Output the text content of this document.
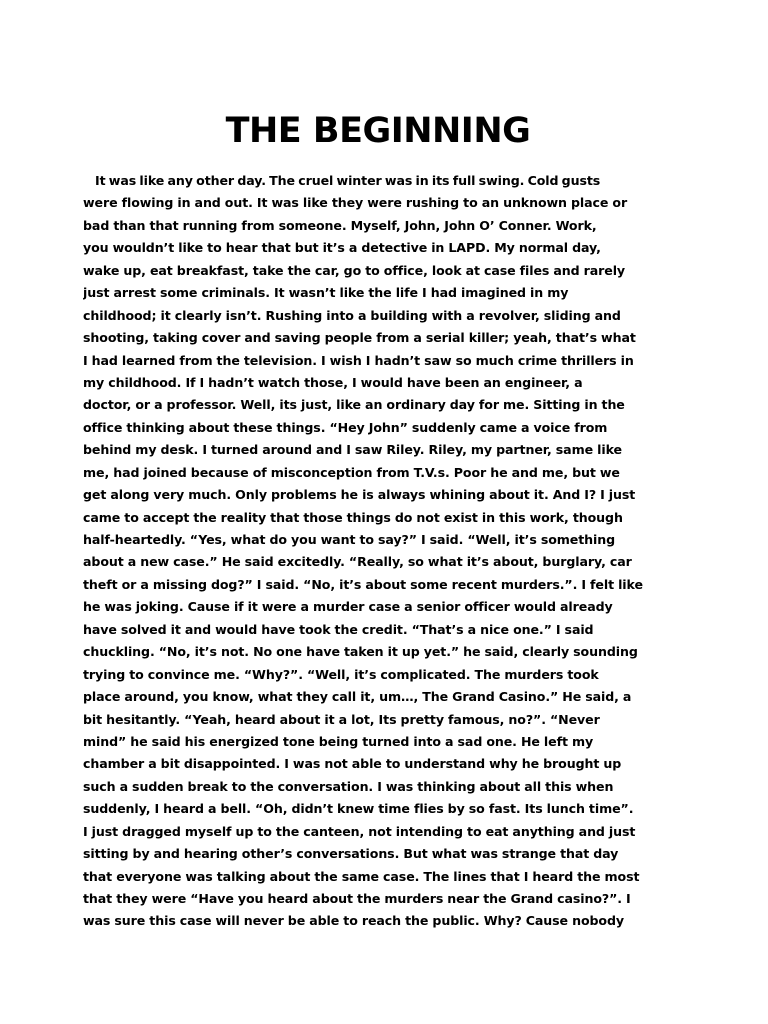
THE BEGINNING
It was like any other day. The cruel winter was in its full swing. Cold gusts
were flowing in and out. It was like they were rushing to an unknown place or
bad than that running from someone. Myself, John, John O’ Conner. Work,
you wouldn’t like to hear that but it’s a detective in LAPD. My normal day,
wake up, eat breakfast, take the car, go to office, look at case files and rarely
just arrest some criminals. It wasn’t like the life I had imagined in my
childhood; it clearly isn’t. Rushing into a building with a revolver, sliding and
shooting, taking cover and saving people from a serial killer; yeah, that’s what
I had learned from the television. I wish I hadn’t saw so much crime thrillers in
my childhood. If I hadn’t watch those, I would have been an engineer, a
doctor, or a professor. Well, its just, like an ordinary day for me. Sitting in the
office thinking about these things. “Hey John” suddenly came a voice from
behind my desk. I turned around and I saw Riley. Riley, my partner, same like
me, had joined because of misconception from T.V.s. Poor he and me, but we
get along very much. Only problems he is always whining about it. And I? I just
came to accept the reality that those things do not exist in this work, though
half-heartedly. “Yes, what do you want to say?” I said. “Well, it’s something
about a new case.” He said excitedly. “Really, so what it’s about, burglary, car
theft or a missing dog?” I said. “No, it’s about some recent murders.”. I felt like
he was joking. Cause if it were a murder case a senior officer would already
have solved it and would have took the credit. “That’s a nice one.” I said
chuckling. “No, it’s not. No one have taken it up yet.” he said, clearly sounding
trying to convince me. “Why?”. “Well, it’s complicated. The murders took
place around, you know, what they call it, um…, The Grand Casino.” He said, a
bit hesitantly. “Yeah, heard about it a lot, Its pretty famous, no?”. “Never
mind” he said his energized tone being turned into a sad one. He left my
chamber a bit disappointed. I was not able to understand why he brought up
such a sudden break to the conversation. I was thinking about all this when
suddenly, I heard a bell. “Oh, didn’t knew time flies by so fast. Its lunch time”.
I just dragged myself up to the canteen, not intending to eat anything and just
sitting by and hearing other’s conversations. But what was strange that day
that everyone was talking about the same case. The lines that I heard the most
that they were “Have you heard about the murders near the Grand casino?”. I
was sure this case will never be able to reach the public. Why? Cause nobody
